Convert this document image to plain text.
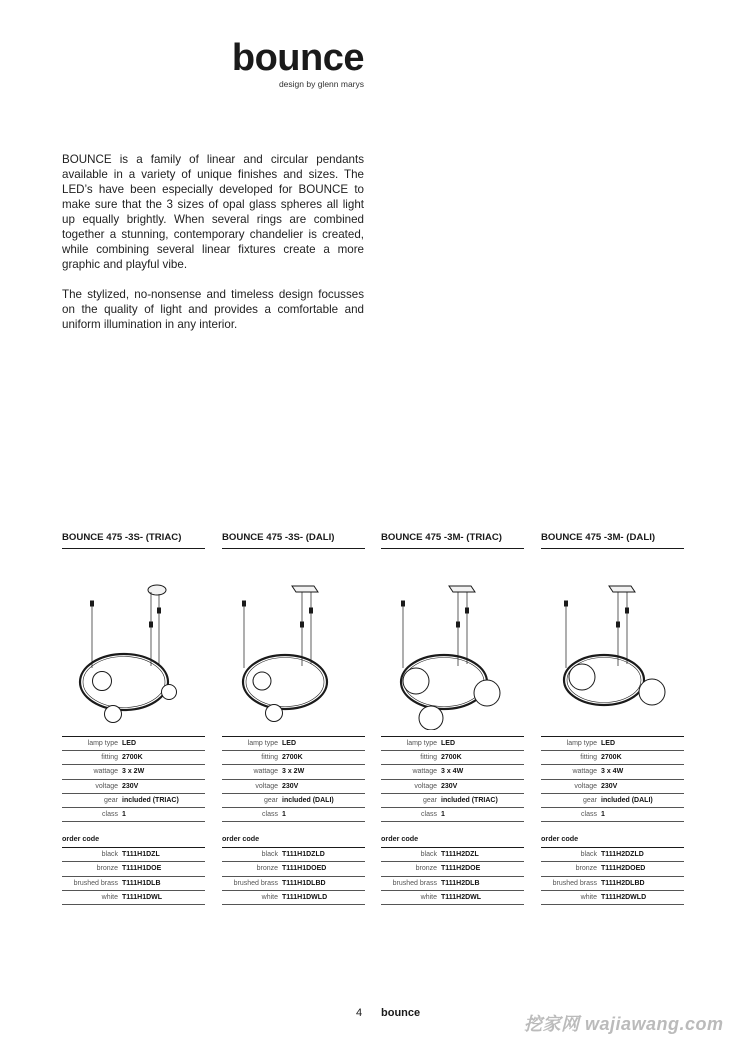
bounce
design by glenn marys

BOUNCE is a family of linear and circular pendants available in a variety of unique finishes and sizes. The LED’s have been especially developed for BOUNCE to make sure that the 3 sizes of opal glass spheres all light up equally brightly. When several rings are combined together a stunning, contemporary chandelier is created, while combining several linear fixtures create a more graphic and playful vibe.

The stylized, no-nonsense and timeless design focusses on the quality of light and provides a comfortable and uniform illumination in any interior.

BOUNCE 475 -3S- (TRIAC)
lamp type LED
fitting 2700K
wattage 3 x 2W
voltage 230V
gear included (TRIAC)
class 1
order code
black T111H1DZL
bronze T111H1DOE
brushed brass T111H1DLB
white T111H1DWL
BOUNCE 475 -3S- (DALI)
lamp type LED
fitting 2700K
wattage 3 x 2W
voltage 230V
gear included (DALI)
class 1
order code
black T111H1DZLD
bronze T111H1DOED
brushed brass T111H1DLBD
white T111H1DWLD
BOUNCE 475 -3M- (TRIAC)
lamp type LED
fitting 2700K
wattage 3 x 4W
voltage 230V
gear included (TRIAC)
class 1
order code
black T111H2DZL
bronze T111H2DOE
brushed brass T111H2DLB
white T111H2DWL
BOUNCE 475 -3M- (DALI)
lamp type LED
fitting 2700K
wattage 3 x 4W
voltage 230V
gear included (DALI)
class 1
order code
black T111H2DZLD
bronze T111H2DOED
brushed brass T111H2DLBD
white T111H2DWLD
4 bounce
挖家网 wajiawang.com
